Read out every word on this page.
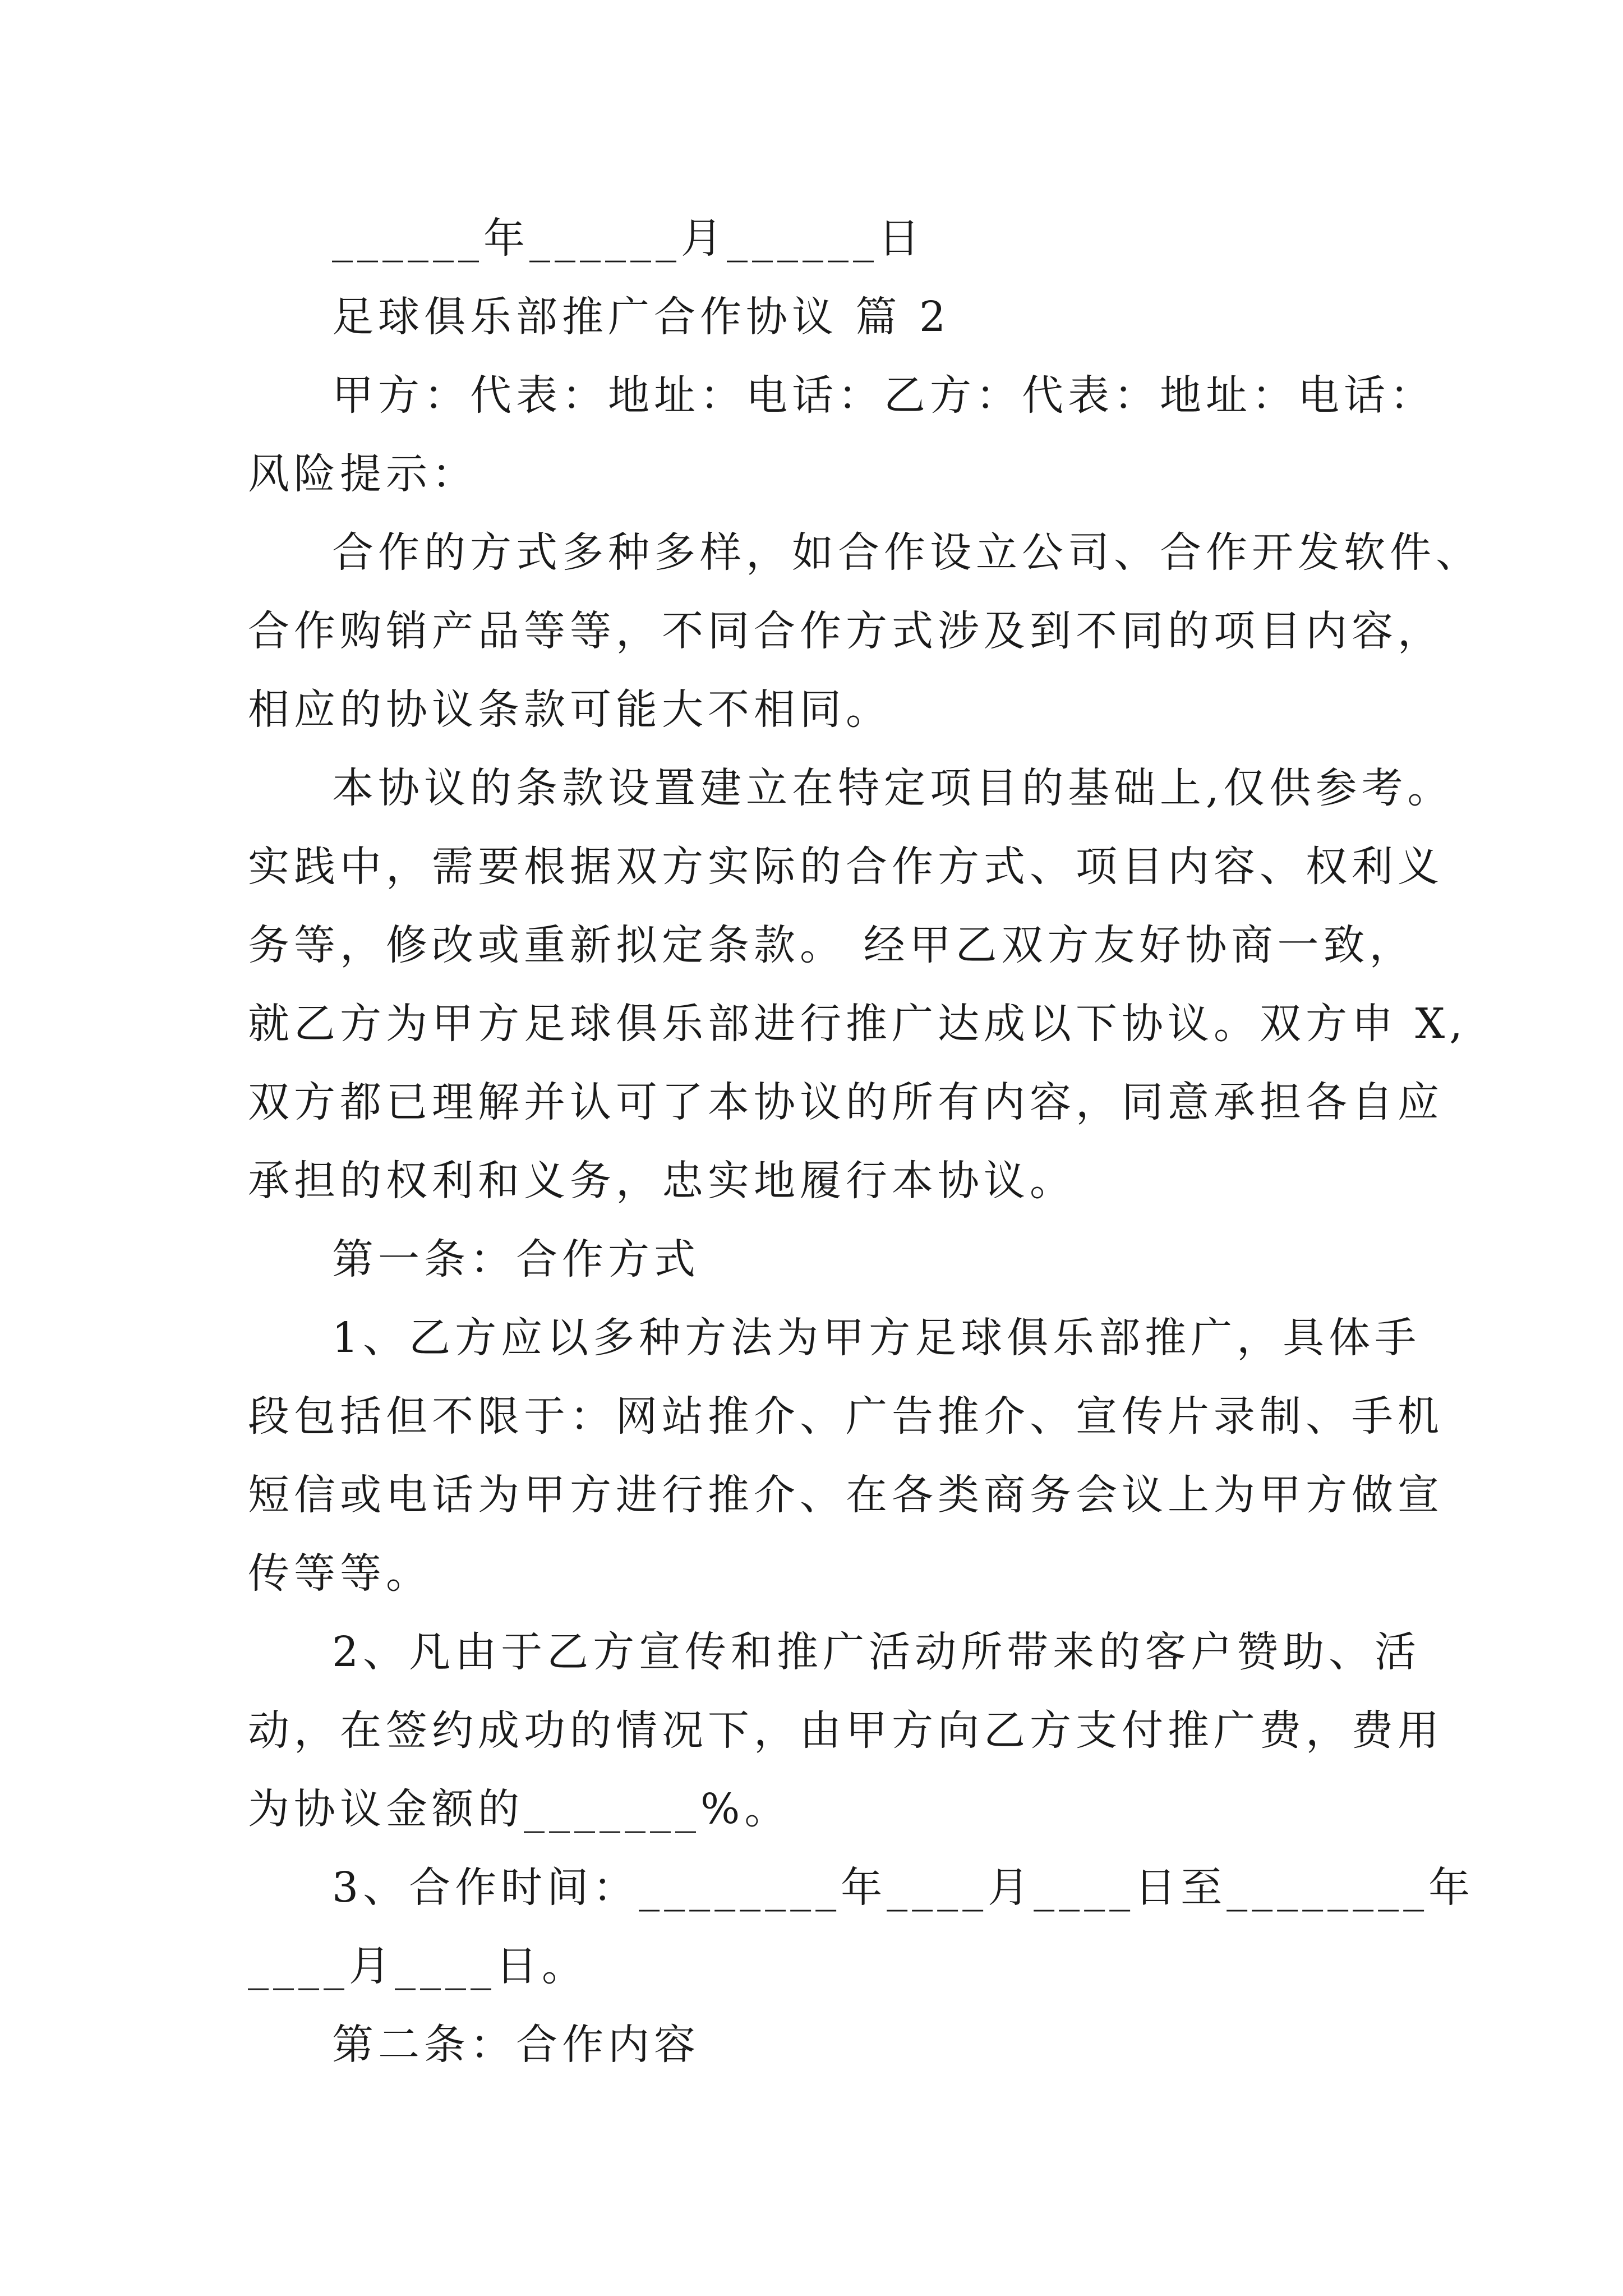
______年______月______日
足球俱乐部推广合作协议 篇 2
甲方：代表：地址：电话：乙方：代表：地址：电话：
风险提示：
合作的方式多种多样，如合作设立公司、合作开发软件、
合作购销产品等等，不同合作方式涉及到不同的项目内容，
相应的协议条款可能大不相同。
本协议的条款设置建立在特定项目的基础上,仅供参考。
实践中，需要根据双方实际的合作方式、项目内容、权利义
务等，修改或重新拟定条款。 经甲乙双方友好协商一致，
就乙方为甲方足球俱乐部进行推广达成以下协议。双方申 X,
双方都已理解并认可了本协议的所有内容，同意承担各自应
承担的权利和义务，忠实地履行本协议。
第一条：合作方式
1、乙方应以多种方法为甲方足球俱乐部推广，具体手
段包括但不限于：网站推介、广告推介、宣传片录制、手机
短信或电话为甲方进行推介、在各类商务会议上为甲方做宣
传等等。
2、凡由于乙方宣传和推广活动所带来的客户赞助、活
动，在签约成功的情况下，由甲方向乙方支付推广费，费用
为协议金额的_______%。
3、合作时间：________年____月____日至________年
____月____日。
第二条：合作内容
